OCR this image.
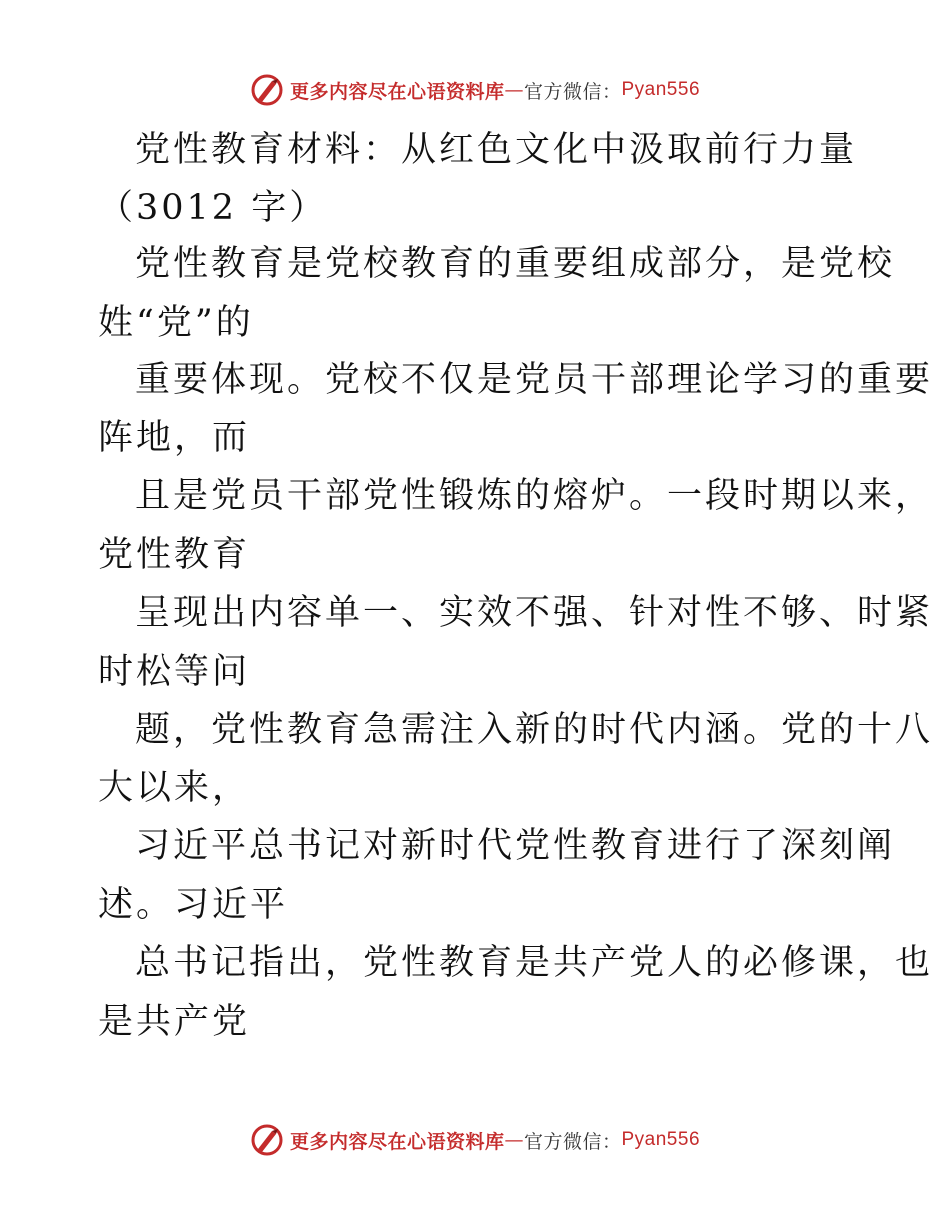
更多内容尽在心语资料库 — 官方微信： Pyan556
党性教育材料：从红色文化中汲取前行力量
（3012 字）
党性教育是党校教育的重要组成部分，是党校
姓“党”的
重要体现。党校不仅是党员干部理论学习的重要
阵地，而
且是党员干部党性锻炼的熔炉。一段时期以来，
党性教育
呈现出内容单一、实效不强、针对性不够、时紧
时松等问
题，党性教育急需注入新的时代内涵。党的十八
大以来，
习近平总书记对新时代党性教育进行了深刻阐
述。习近平
总书记指出，党性教育是共产党人的必修课，也
是共产党
更多内容尽在心语资料库 — 官方微信： Pyan556
